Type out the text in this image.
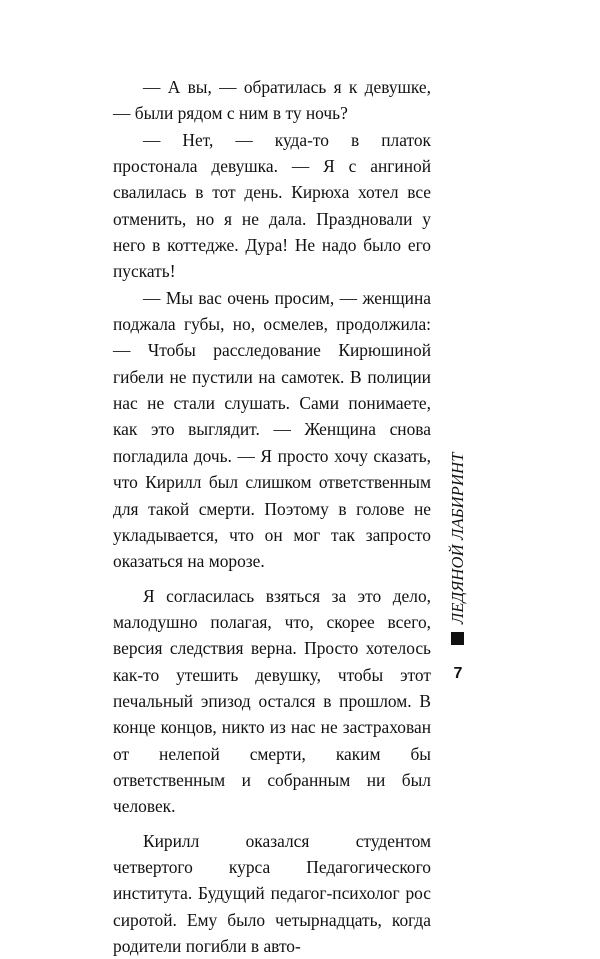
— А вы, — обратилась я к девушке, — были рядом с ним в ту ночь?

— Нет, — куда-то в платок простонала девушка. — Я с ангиной свалилась в тот день. Кирюха хотел все отменить, но я не дала. Праздновали у него в коттедже. Дура! Не надо было его пускать!

— Мы вас очень просим, — женщина поджала губы, но, осмелев, продолжила: — Чтобы расследование Кирюшиной гибели не пустили на самотек. В полиции нас не стали слушать. Сами понимаете, как это выглядит. — Женщина снова погладила дочь. — Я просто хочу сказать, что Кирилл был слишком ответственным для такой смерти. Поэтому в голове не укладывается, что он мог так запросто оказаться на морозе.

Я согласилась взяться за это дело, малодушно полагая, что, скорее всего, версия следствия верна. Просто хотелось как-то утешить девушку, чтобы этот печальный эпизод остался в прошлом. В конце концов, никто из нас не застрахован от нелепой смерти, каким бы ответственным и собранным ни был человек.

Кирилл оказался студентом четвертого курса Педагогического института. Будущий педагог-психолог рос сиротой. Ему было четырнадцать, когда родители погибли в авто-

ЛЕДЯНОЙ ЛАБИРИНТ
7
